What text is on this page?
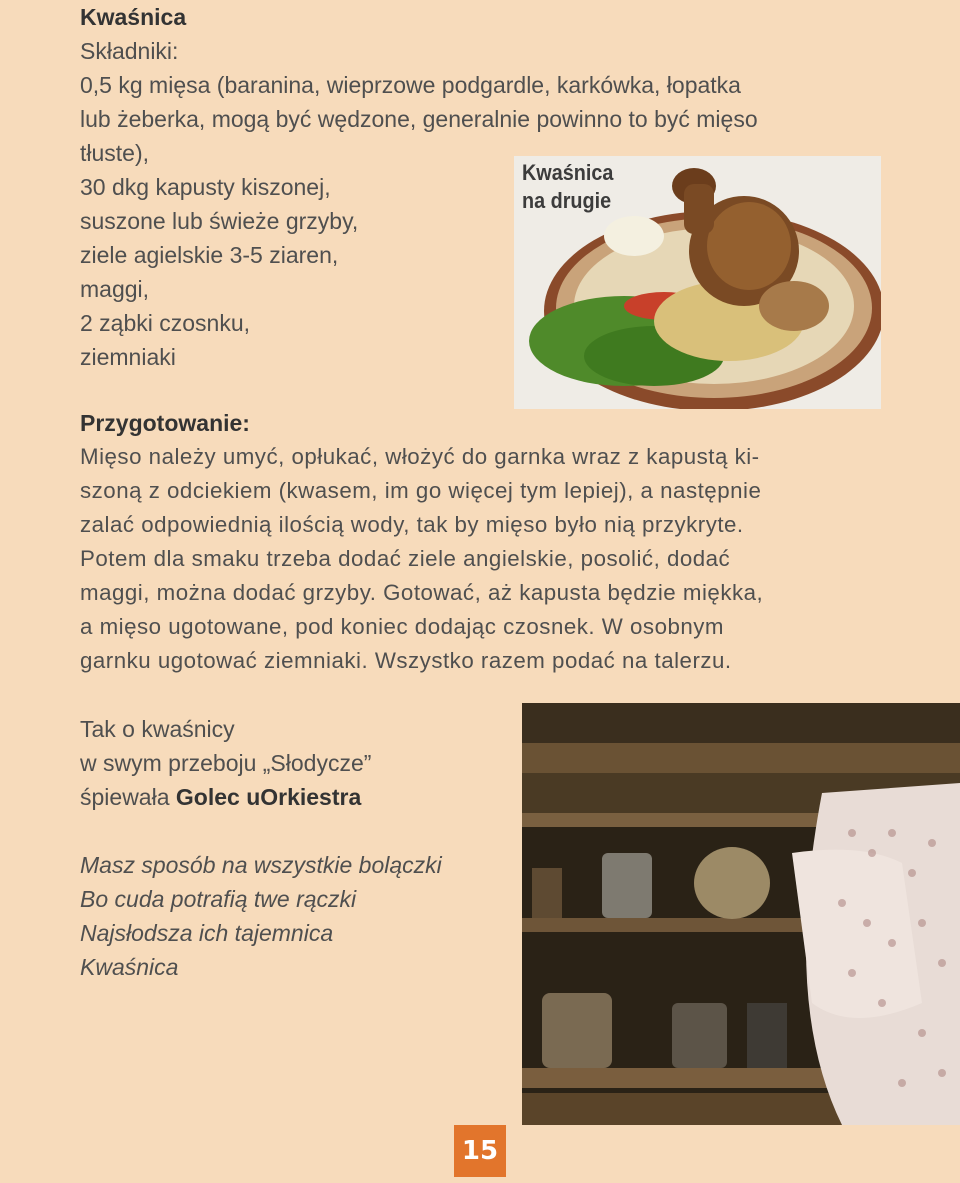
Kwaśnica
Składniki:
0,5 kg mięsa (baranina, wieprzowe podgardle, karkówka, łopatka
lub żeberka, mogą być wędzone, generalnie powinno to być mięso
tłuste),
30 dkg kapusty kiszonej,
suszone lub świeże grzyby,
ziele agielskie 3-5 ziaren,
maggi,
2 ząbki czosnku,
ziemniaki
Kwaśnica
na drugie
Przygotowanie:
Mięso należy umyć, opłukać, włożyć do garnka wraz z kapustą ki-
szoną z odciekiem (kwasem, im go więcej tym lepiej), a następnie
zalać odpowiednią ilością wody, tak by mięso było nią przykryte.
Potem dla smaku trzeba dodać ziele angielskie, posolić, dodać
maggi, można dodać grzyby. Gotować, aż kapusta będzie miękka,
a mięso ugotowane, pod koniec dodając czosnek. W osobnym
garnku ugotować ziemniaki. Wszystko razem podać na talerzu.
Tak o kwaśnicy
w swym przeboju „Słodycze”
śpiewała Golec uOrkiestra
Masz sposób na wszystkie bolączki
Bo cuda potrafią twe rączki
Najsłodsza ich tajemnica
Kwaśnica
15
